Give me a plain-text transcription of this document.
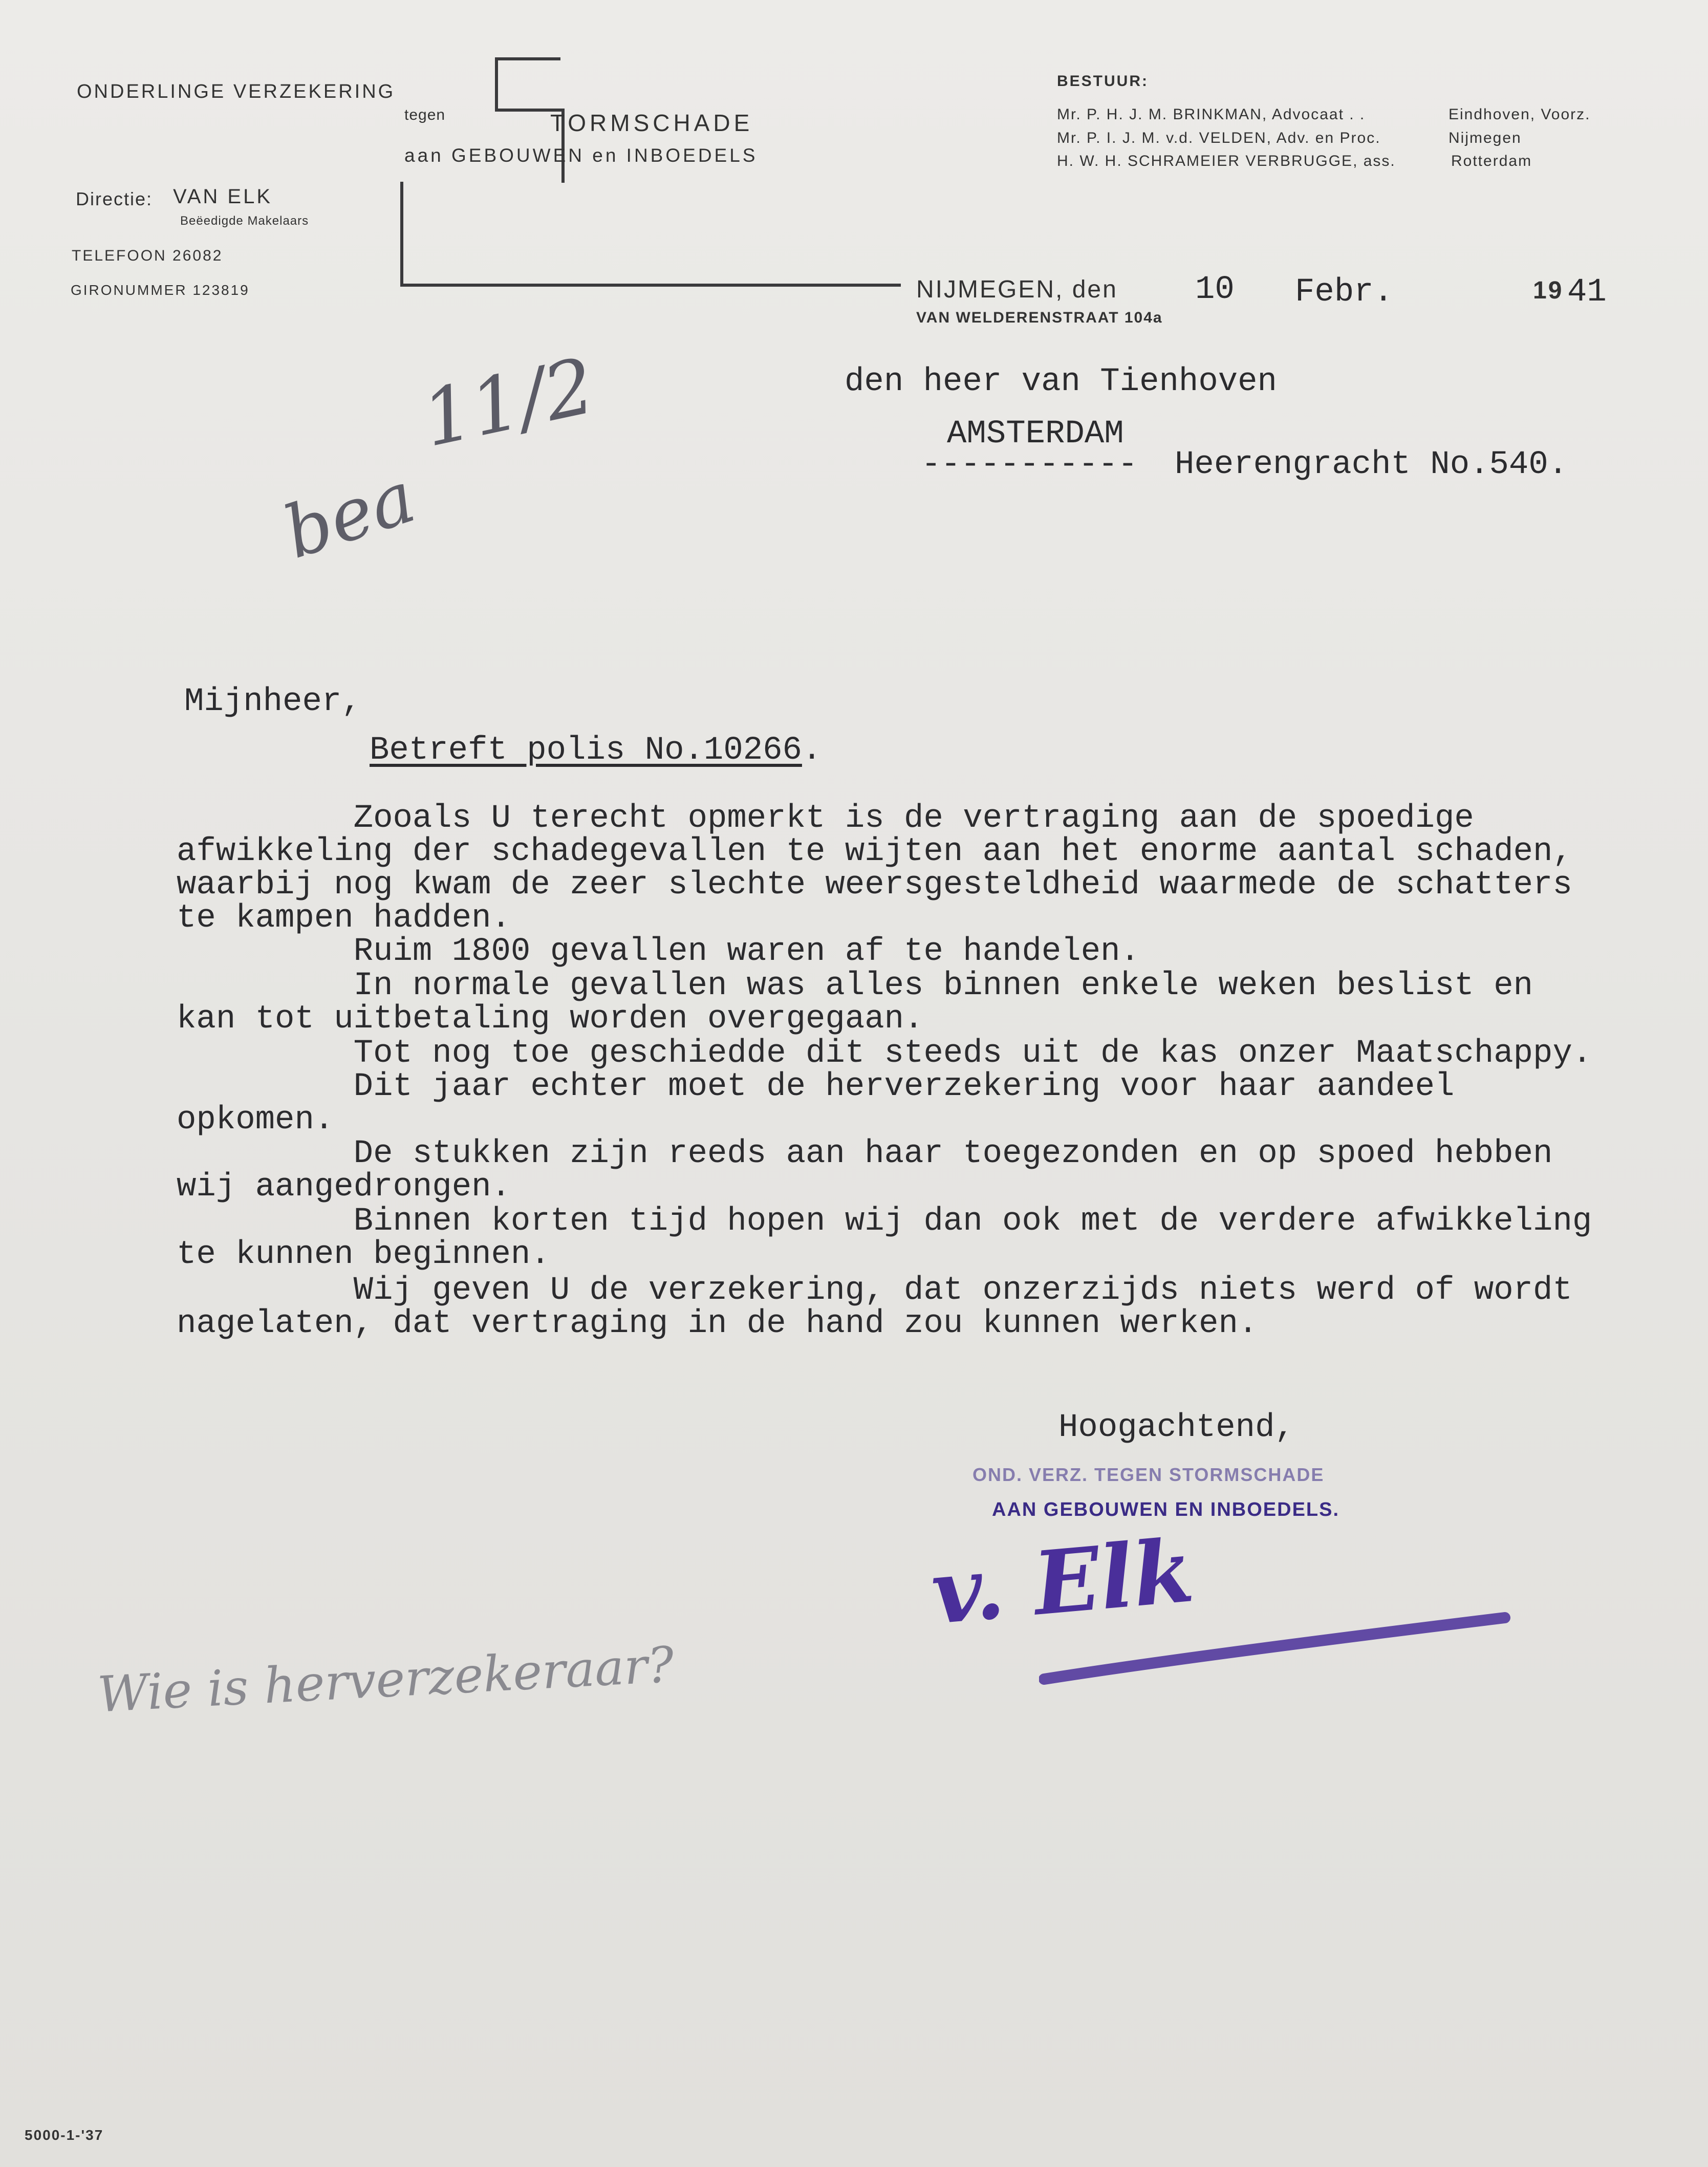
ONDERLINGE VERZEKERING
tegen	TORMSCHADE
aan GEBOUWEN en INBOEDELS
Directie: VAN ELK
Beëedigde Makelaars
TELEFOON 26082
GIRONUMMER 123819
BESTUUR:
Mr. P. H. J. M. BRINKMAN, Advocaat . .	Eindhoven, Voorz.
Mr. P. I. J. M. v.d. VELDEN, Adv. en Proc.	Nijmegen
H. W. H. SCHRAMEIER VERBRUGGE, ass.	Rotterdam
NIJMEGEN, den
VAN WELDERENSTRAAT 104a
10 Febr.	19 41
den heer van Tienhoven
AMSTERDAM
----------- Heerengracht No.540.
11/2
bea
Mijnheer,
Betreft polis No.10266.
Zooals U terecht opmerkt is de vertraging aan de spoedige
afwikkeling der schadegevallen te wijten aan het enorme aantal schaden,
waarbij nog kwam de zeer slechte weersgesteldheid waarmede de schatters
te kampen hadden.
Ruim 1800 gevallen waren af te handelen.
In normale gevallen was alles binnen enkele weken beslist en
kan tot uitbetaling worden overgegaan.
Tot nog toe geschiedde dit steeds uit de kas onzer Maatschappy.
Dit jaar echter moet de herverzekering voor haar aandeel
opkomen.
De stukken zijn reeds aan haar toegezonden en op spoed hebben
wij aangedrongen.
Binnen korten tijd hopen wij dan ook met de verdere afwikkeling
te kunnen beginnen.
Wij geven U de verzekering, dat onzerzijds niets werd of wordt
nagelaten, dat vertraging in de hand zou kunnen werken.
Hoogachtend,
OND. VERZ. TEGEN STORMSCHADE
AAN GEBOUWEN EN INBOEDELS.
v. Elk
Wie is herverzekeraar?
5000-1-'37
